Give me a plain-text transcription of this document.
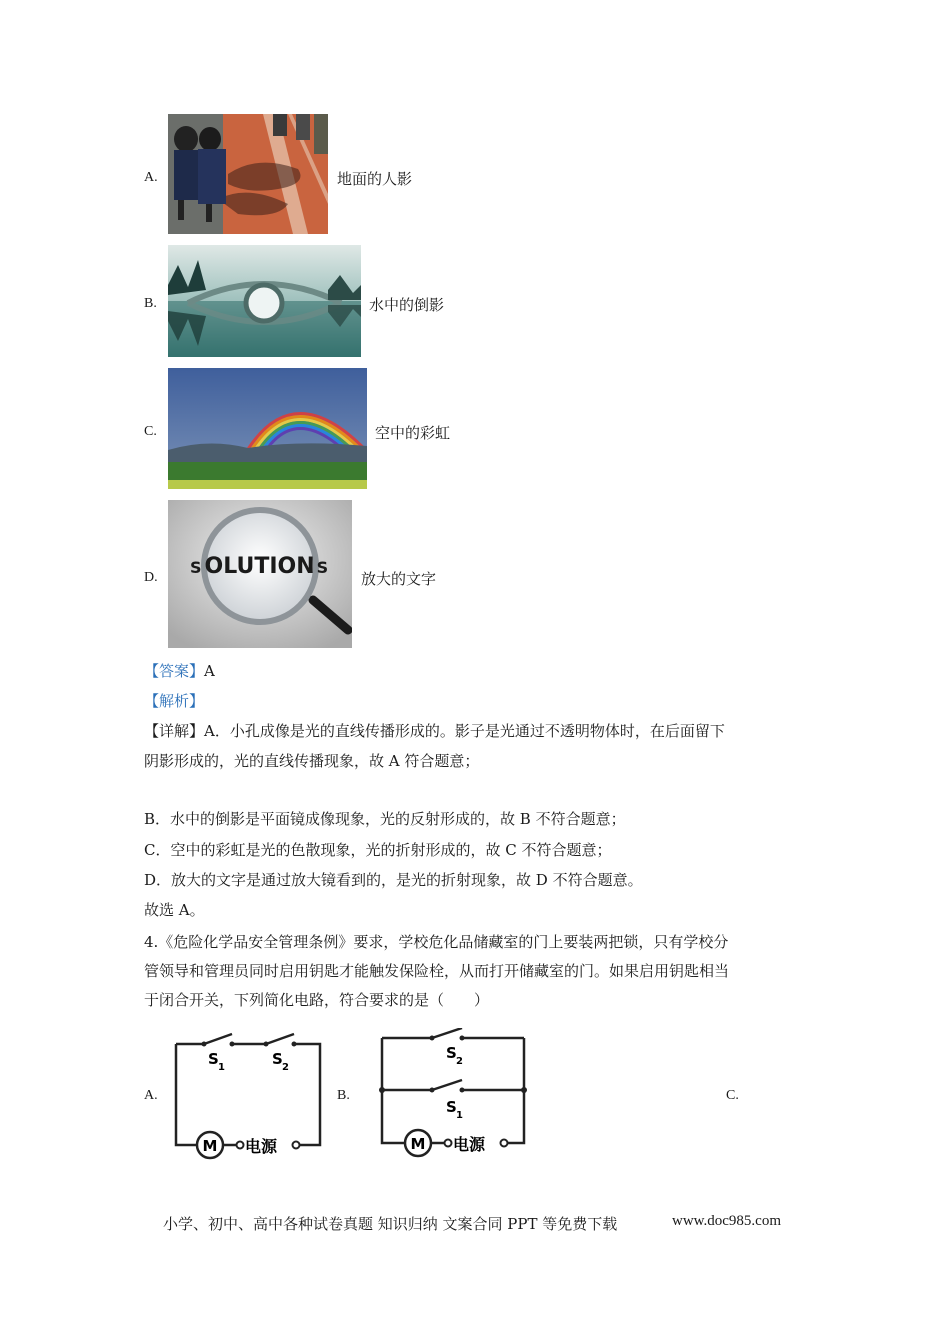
A.	地面的人影
B.	水中的倒影
C.	空中的彩虹
D.
S OLUTION S
放大的文字
【答案】A
【解析】
【详解】A．小孔成像是光的直线传播形成的。影子是光通过不透明物体时，在后面留下
阴影形成的，光的直线传播现象，故 A 符合题意；
B．水中的倒影是平面镜成像现象，光的反射形成的，故 B 不符合题意；
C．空中的彩虹是光的色散现象，光的折射形成的，故 C 不符合题意；
D．放大的文字是通过放大镜看到的，是光的折射现象，故 D 不符合题意。
故选 A。
4.《危险化学品安全管理条例》要求，学校危化品储藏室的门上要装两把锁，只有学校分
管领导和管理员同时启用钥匙才能触发保险栓，从而打开储藏室的门。如果启用钥匙相当
于闭合开关，下列简化电路，符合要求的是（　　）
A.
M 电源
S 1	S 2
B.
M 电源
S 2
S 1
C.
小学、初中、高中各种试卷真题 知识归纳 文案合同 PPT 等免费下载	www.doc985.com
